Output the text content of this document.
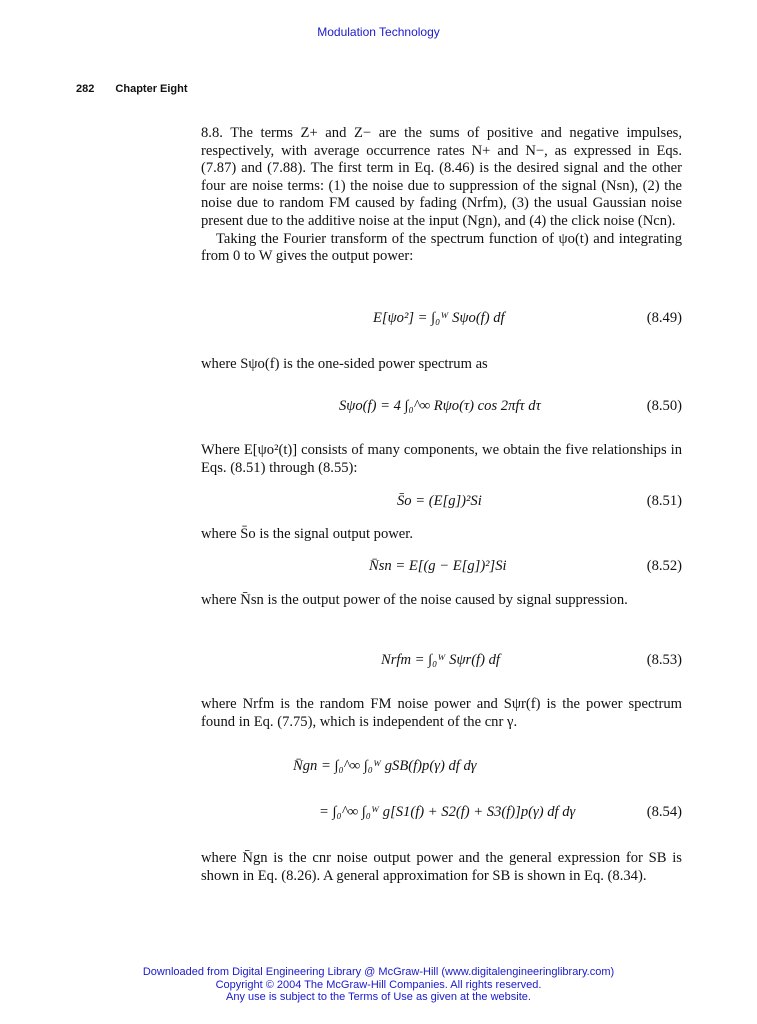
Modulation Technology
282 Chapter Eight

8.8. The terms Z+ and Z− are the sums of positive and negative impulses, respectively, with average occurrence rates N+ and N−, as expressed in Eqs. (7.87) and (7.88). The first term in Eq. (8.46) is the desired signal and the other four are noise terms: (1) the noise due to suppression of the signal (Nsn), (2) the noise due to random FM caused by fading (Nrfm), (3) the usual Gaussian noise present due to the additive noise at the input (Ngn), and (4) the click noise (Ncn).

Taking the Fourier transform of the spectrum function of ψo(t) and integrating from 0 to W gives the output power:

E[ψo²] = ∫₀ᵂ Sψo(f) df	(8.49)

where Sψo(f) is the one-sided power spectrum as

Sψo(f) = 4 ∫₀^∞ Rψo(τ) cos 2πfτ dτ	(8.50)

Where E[ψo²(t)] consists of many components, we obtain the five relationships in Eqs. (8.51) through (8.55):

S̄o = (E[g])²Si	(8.51)

where S̄o is the signal output power.

N̄sn = E[(g − E[g])²]Si	(8.52)

where N̄sn is the output power of the noise caused by signal suppression.

Nrfm = ∫₀ᵂ Sψr(f) df	(8.53)

where Nrfm is the random FM noise power and Sψr(f) is the power spectrum found in Eq. (7.75), which is independent of the cnr γ.

N̄gn = ∫₀^∞ ∫₀ᵂ gSB(f)p(γ) df dγ
= ∫₀^∞ ∫₀ᵂ g[S1(f) + S2(f) + S3(f)]p(γ) df dγ	(8.54)

where N̄gn is the cnr noise output power and the general expression for SB is shown in Eq. (8.26). A general approximation for SB is shown in Eq. (8.34).

Downloaded from Digital Engineering Library @ McGraw-Hill (www.digitalengineeringlibrary.com)
Copyright © 2004 The McGraw-Hill Companies. All rights reserved.
Any use is subject to the Terms of Use as given at the website.
